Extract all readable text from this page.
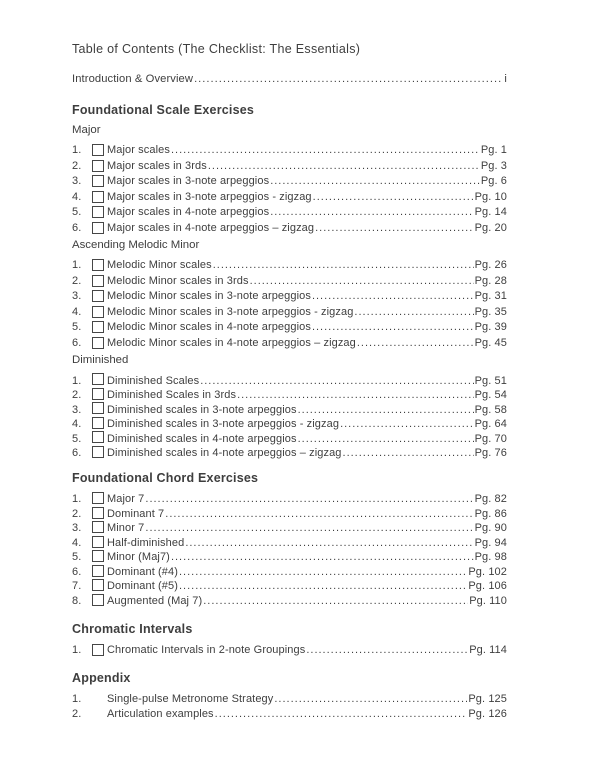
Table of Contents (The Checklist: The Essentials)
Introduction & Overview .....	i
Foundational Scale Exercises
Major
1.	Major scales .....	Pg. 1
2.	Major scales in 3rds .....	Pg. 3
3.	Major scales in 3-note arpeggios .....	Pg. 6
4.	Major scales in 3-note arpeggios - zigzag .....	Pg. 10
5.	Major scales in 4-note arpeggios .....	Pg. 14
6.	Major scales in 4-note arpeggios – zigzag .....	Pg. 20
Ascending Melodic Minor
1.	Melodic Minor scales .....	Pg. 26
2.	Melodic Minor scales in 3rds .....	Pg. 28
3.	Melodic Minor scales in 3-note arpeggios .....	Pg. 31
4.	Melodic Minor scales in 3-note arpeggios - zigzag .....	Pg. 35
5.	Melodic Minor scales in 4-note arpeggios .....	Pg. 39
6.	Melodic Minor scales in 4-note arpeggios – zigzag .....	Pg. 45
Diminished
1.	Diminished Scales .....	Pg. 51
2.	Diminished Scales in 3rds .....	Pg. 54
3.	Diminished scales in 3-note arpeggios .....	Pg. 58
4.	Diminished scales in 3-note arpeggios - zigzag .....	Pg. 64
5.	Diminished scales in 4-note arpeggios .....	Pg. 70
6.	Diminished scales in 4-note arpeggios – zigzag .....	Pg. 76
Foundational Chord Exercises
1.	Major 7 .....	Pg. 82
2.	Dominant 7 .....	Pg. 86
3.	Minor 7 .....	Pg. 90
4.	Half-diminished .....	Pg. 94
5.	Minor (Maj7) .....	Pg. 98
6.	Dominant (#4) .....	Pg. 102
7.	Dominant (#5) .....	Pg. 106
8.	Augmented (Maj 7) .....	Pg. 110
Chromatic Intervals
1.	Chromatic Intervals in 2-note Groupings .....	Pg. 114
Appendix
1.	Single-pulse Metronome Strategy .....	Pg. 125
2.	Articulation examples .....	Pg. 126
